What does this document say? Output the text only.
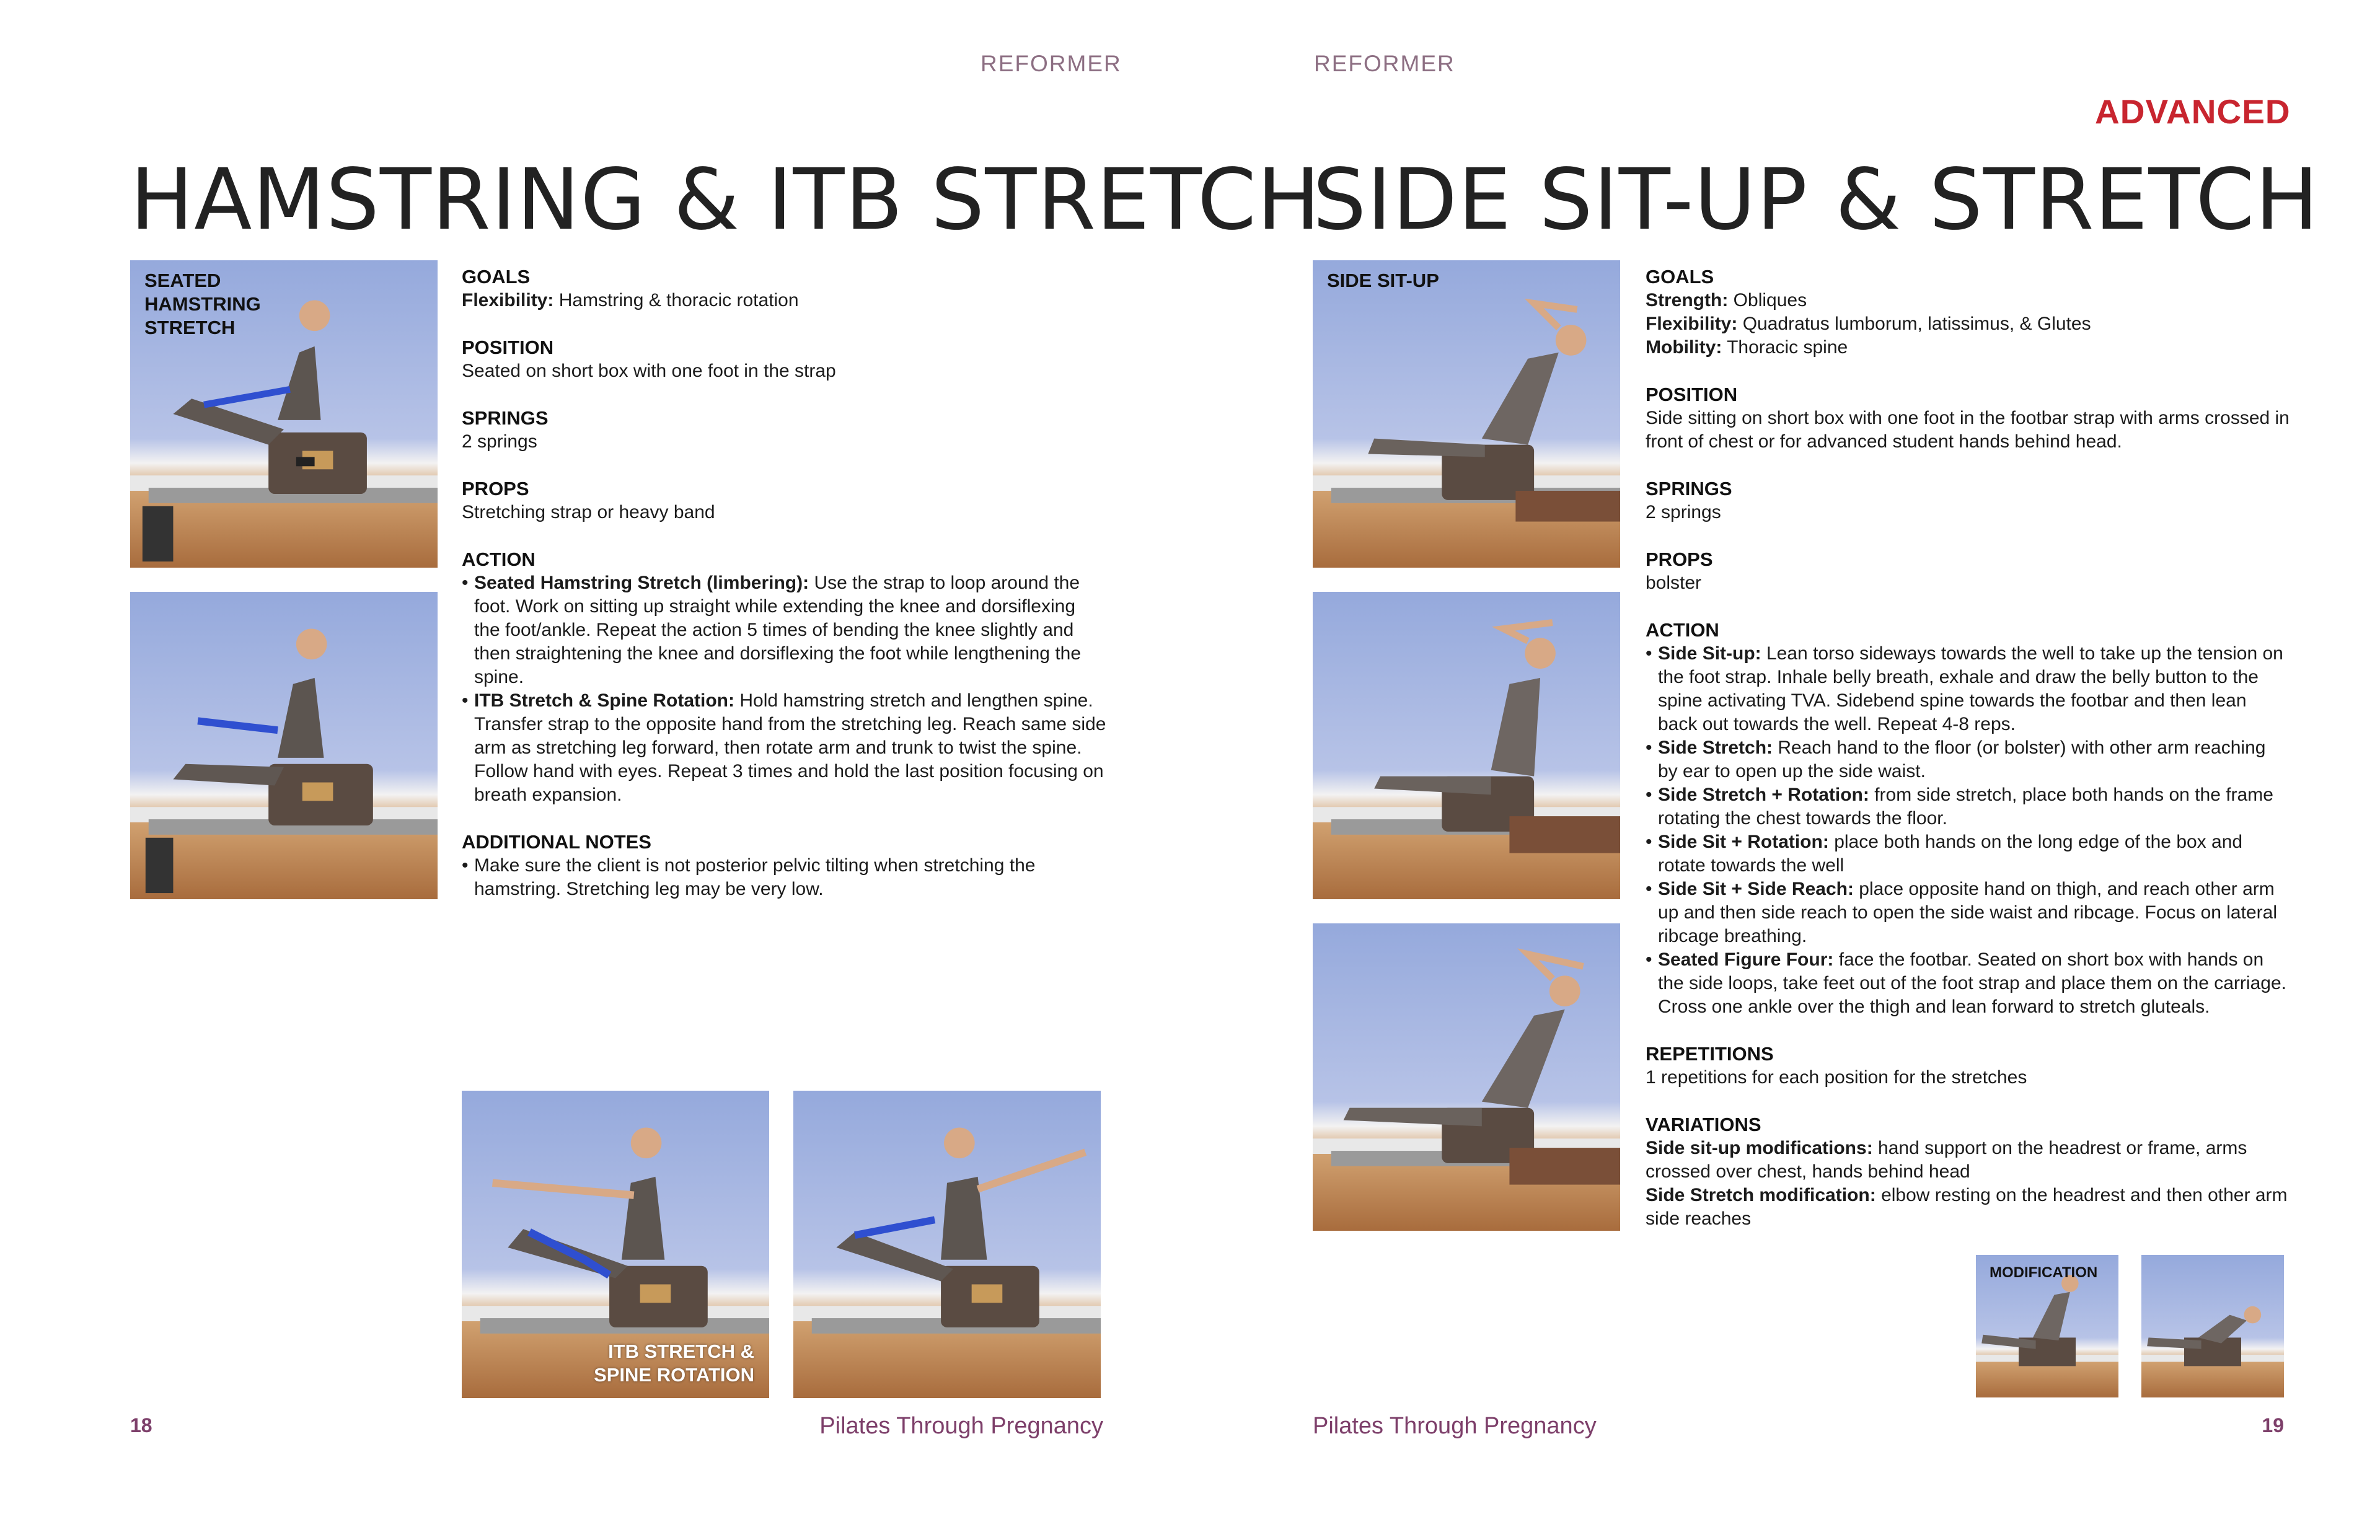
REFORMER
HAMSTRING & ITB STRETCH
SEATED HAMSTRING STRETCH
GOALS

Flexibility: Hamstring & thoracic rotation

POSITION

Seated on short box with one foot in the strap

SPRINGS

2 springs

PROPS

Stretching strap or heavy band

ACTION
• Seated Hamstring Stretch (limbering): Use the strap to loop around the foot. Work on sitting up straight while extending the knee and dorsiflexing the foot/ankle. Repeat the action 5 times of bending the knee slightly and then straightening the knee and dorsiflexing the foot while lengthening the spine.
• ITB Stretch & Spine Rotation: Hold hamstring stretch and lengthen spine. Transfer strap to the opposite hand from the stretching leg. Reach same side arm as stretching leg forward, then rotate arm and trunk to twist the spine. Follow hand with eyes. Repeat 3 times and hold the last position focusing on breath expansion.
ADDITIONAL NOTES
• Make sure the client is not posterior pelvic tilting when stretching the hamstring. Stretching leg may be very low.
ITB STRETCH & SPINE ROTATION
18	Pilates Through Pregnancy
REFORMER
ADVANCED
SIDE SIT-UP & STRETCH
SIDE SIT-UP	GOALS

Strength: Obliques

Flexibility: Quadratus lumborum, latissimus, & Glutes

Mobility: Thoracic spine

POSITION

Side sitting on short box with one foot in the footbar strap with arms crossed in front of chest or for advanced student hands behind head.

SPRINGS

2 springs

PROPS

bolster

ACTION
• Side Sit-up: Lean torso sideways towards the well to take up the tension on the foot strap. Inhale belly breath, exhale and draw the belly button to the spine activating TVA. Sidebend spine towards the footbar and then lean back out towards the well. Repeat 4-8 reps.
• Side Stretch: Reach hand to the floor (or bolster) with other arm reaching by ear to open up the side waist.
• Side Stretch + Rotation: from side stretch, place both hands on the frame rotating the chest towards the floor.
• Side Sit + Rotation: place both hands on the long edge of the box and rotate towards the well
• Side Sit + Side Reach: place opposite hand on thigh, and reach other arm up and then side reach to open the side waist and ribcage. Focus on lateral ribcage breathing.
• Seated Figure Four: face the footbar. Seated on short box with hands on the side loops, take feet out of the foot strap and place them on the carriage. Cross one ankle over the thigh and lean forward to stretch gluteals.
REPETITIONS

1 repetitions for each position for the stretches

VARIATIONS

Side sit-up modifications: hand support on the headrest or frame, arms crossed over chest, hands behind head

Side Stretch modification: elbow resting on the headrest and then other arm side reaches

MODIFICATION
Pilates Through Pregnancy	19
